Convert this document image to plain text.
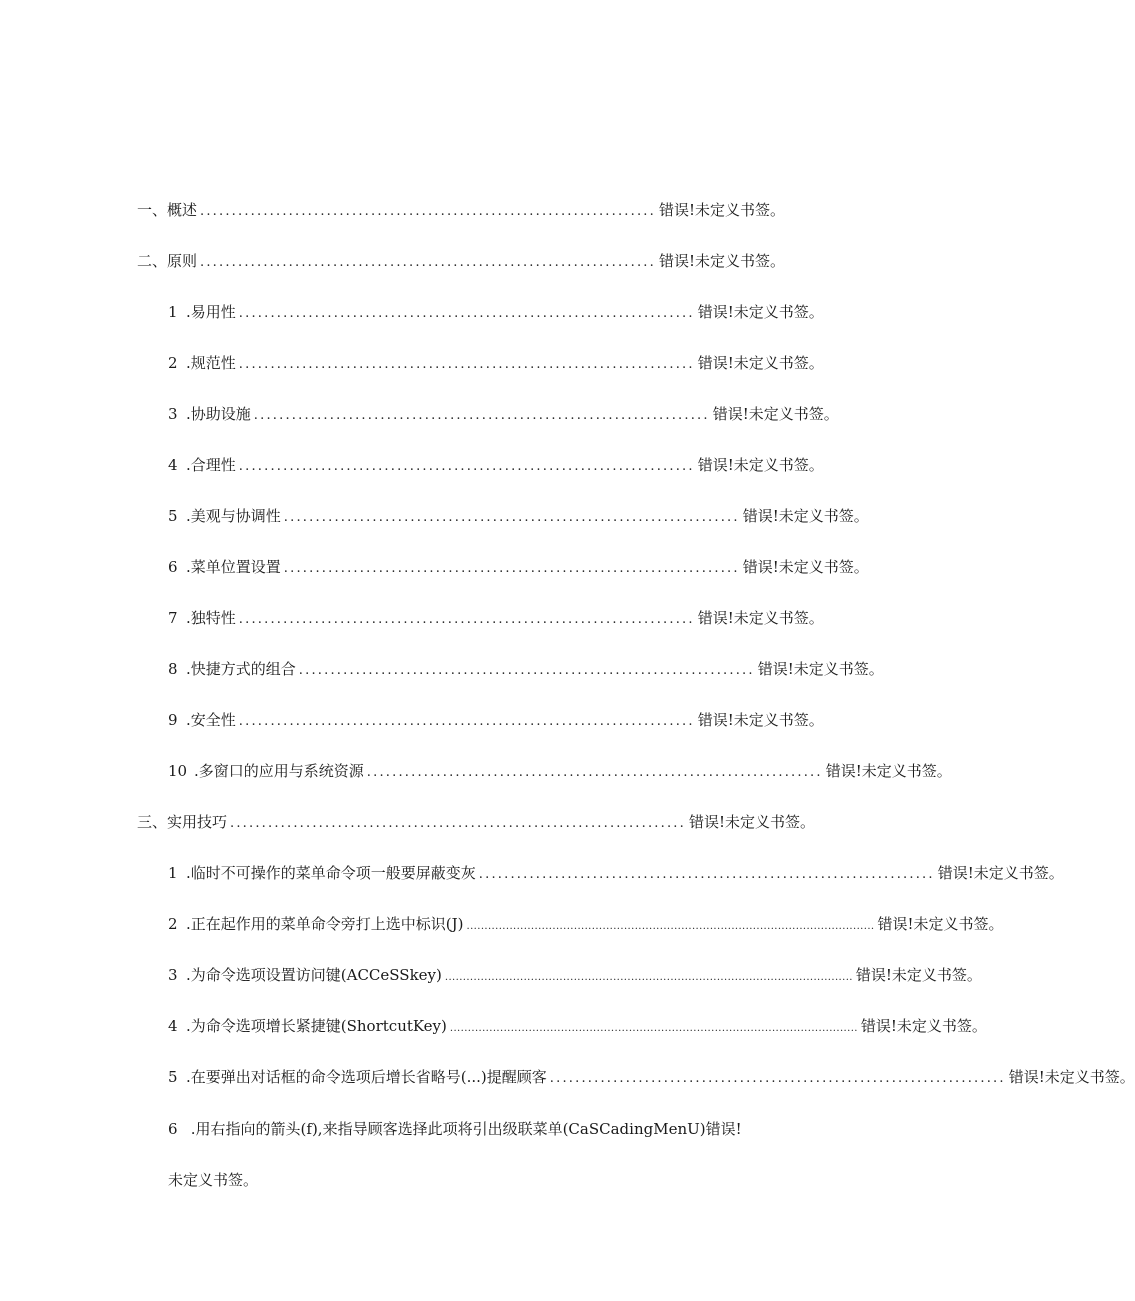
一、概述 ........................................................................ 错误!未定义书签。
二、原则 ........................................................................ 错误!未定义书签。
1 .易用性 ........................................................................ 错误!未定义书签。
2 .规范性 ........................................................................ 错误!未定义书签。
3 .协助设施 ........................................................................ 错误!未定义书签。
4 .合理性 ........................................................................ 错误!未定义书签。
5 .美观与协调性 ........................................................................ 错误!未定义书签。
6 .菜单位置设置 ........................................................................ 错误!未定义书签。
7 .独特性 ........................................................................ 错误!未定义书签。
8 .快捷方式的组合 ........................................................................ 错误!未定义书签。
9 .安全性 ........................................................................ 错误!未定义书签。
10 .多窗口的应用与系统资源 ........................................................................ 错误!未定义书签。
三、实用技巧 ........................................................................ 错误!未定义书签。
1 .临时不可操作的菜单命令项一般要屏蔽变灰 ........................................................................ 错误!未定义书签。
2 .正在起作用的菜单命令旁打上选中标识(J) .................................................................................................................. 错误!未定义书签。
3 .为命令选项设置访问键(ACCeSSkey) .................................................................................................................. 错误!未定义书签。
4 .为命令选项增长紧捷键(ShortcutKey) .................................................................................................................. 错误!未定义书签。
5 .在要弹出对话框的命令选项后增长省略号(...)提醒顾客 ........................................................................ 错误!未定义书签。
6 .用右指向的箭头(f),来指导顾客选择此项将引出级联菜单(CaSCadingMenU)错误!
未定义书签。
